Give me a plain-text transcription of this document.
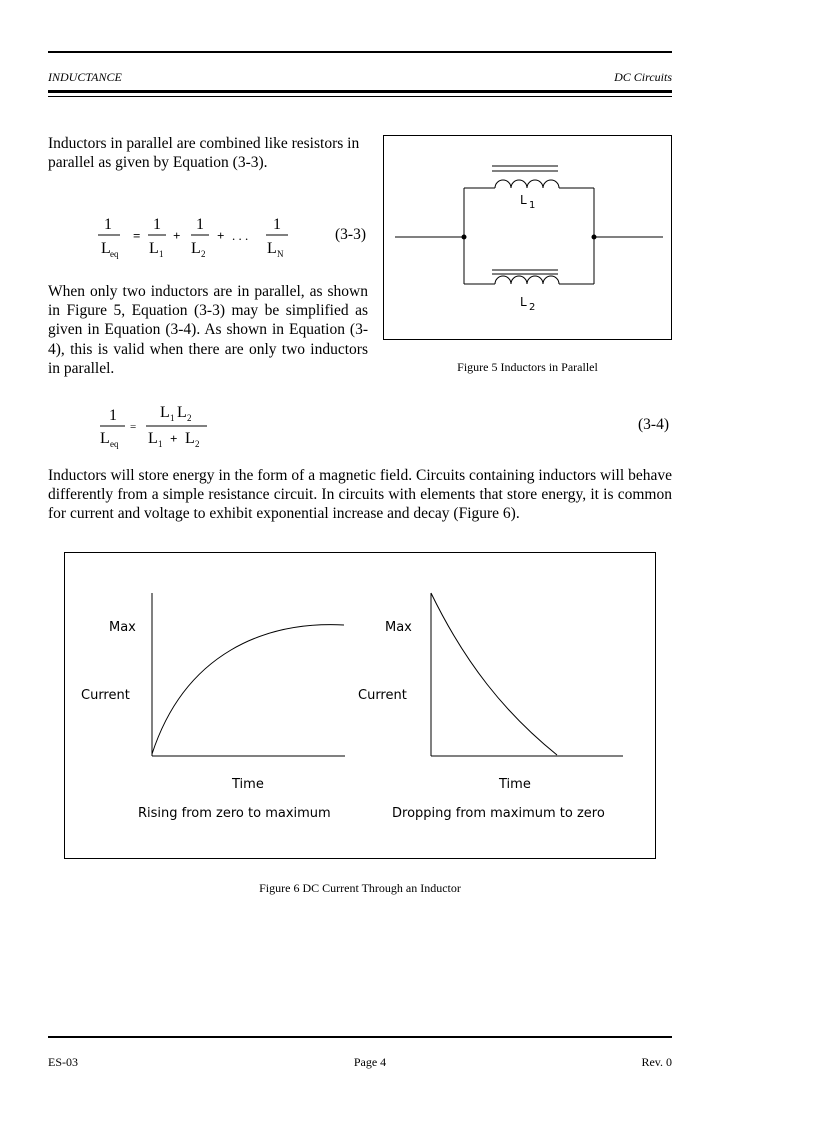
INDUCTANCE	DC Circuits
Inductors in parallel are combined like resistors in parallel as given by Equation (3-3).
1
L eq
=
1
L 1
+
1
L 2
+ . . .
1
L N
(3-3)
When only two inductors are in parallel, as shown in Figure 5, Equation (3-3) may be simplified as given in Equation (3-4). As shown in Equation (3-4), this is valid when there are only two inductors in parallel.
L 1
L 2
Figure 5 Inductors in Parallel
1
L eq
=
L 1 L 2
L 1 + L 2
(3-4)
Inductors will store energy in the form of a magnetic field. Circuits containing inductors will behave differently from a simple resistance circuit. In circuits with elements that store energy, it is common for current and voltage to exhibit exponential increase and decay (Figure 6).
Max
Current
Time
Rising from zero to maximum
Max
Current
Time
Dropping from maximum to zero
Figure 6 DC Current Through an Inductor
ES-03	Page 4	Rev. 0
